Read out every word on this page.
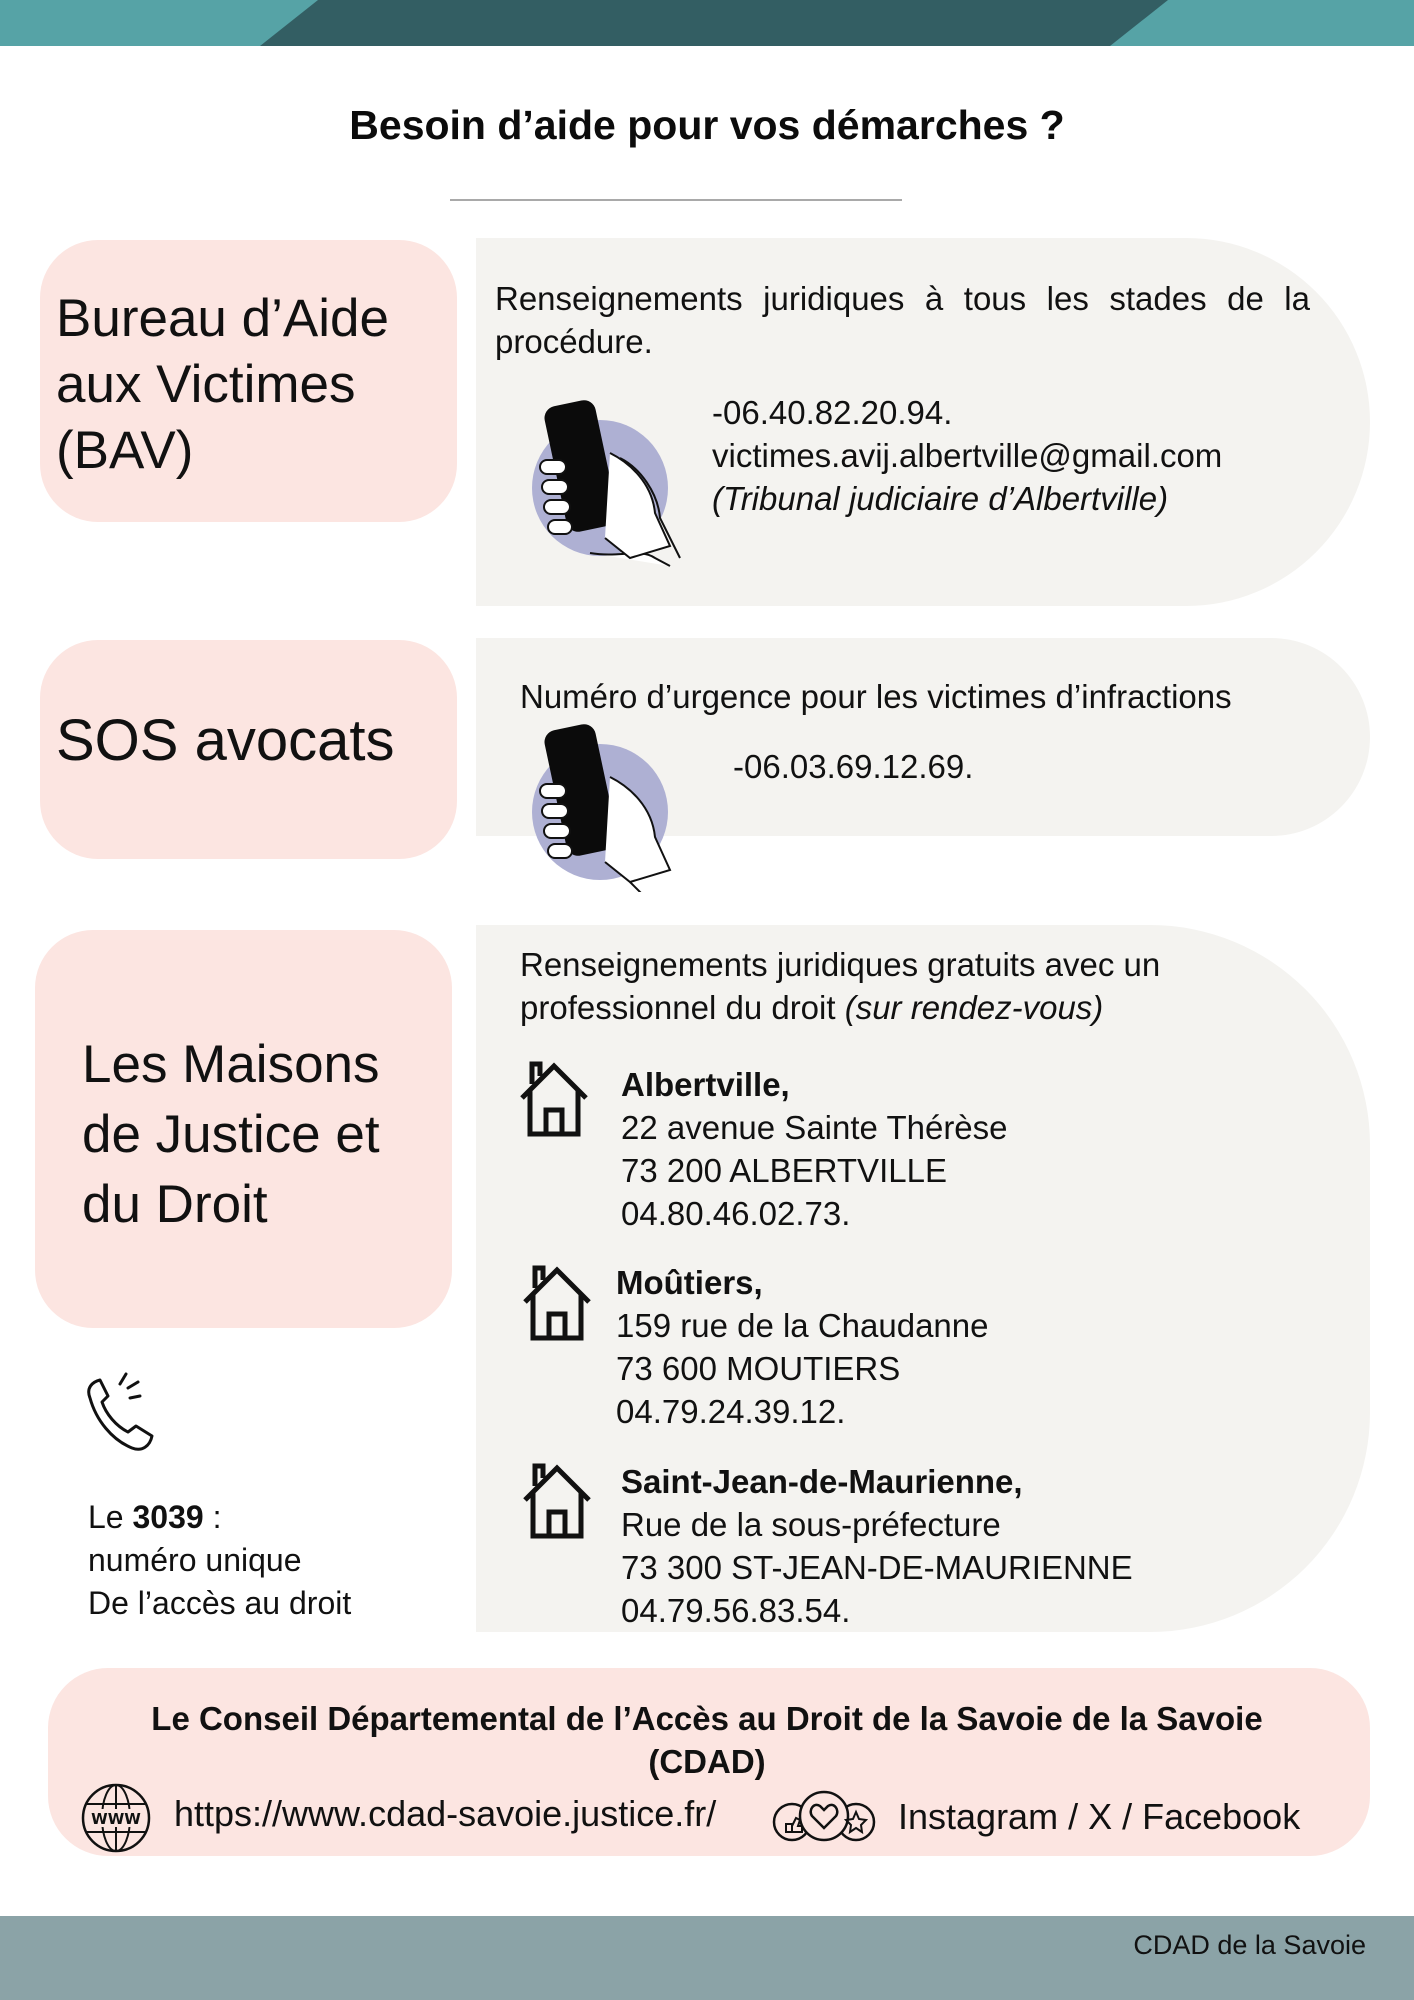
Besoin d’aide pour vos démarches ?
Bureau d’Aide
aux Victimes
(BAV)
Renseignements juridiques à tous les stades de la procédure.
-06.40.82.20.94.
victimes.avij.albertville@gmail.com
(Tribunal judiciaire d’Albertville)
SOS avocats
Numéro d’urgence pour les victimes d’infractions
-06.03.69.12.69.
Les Maisons
de Justice et
du Droit
Renseignements juridiques gratuits avec un
professionnel du droit (sur rendez-vous)
Albertville,
22 avenue Sainte Thérèse
73 200 ALBERTVILLE
04.80.46.02.73.
Moûtiers,
159 rue de la Chaudanne
73 600 MOUTIERS
04.79.24.39.12.
Saint-Jean-de-Maurienne,
Rue de la sous-préfecture
73 300 ST-JEAN-DE-MAURIENNE
04.79.56.83.54.
Le 3039 :
numéro unique
De l’accès au droit
Le Conseil Départemental de l’Accès au Droit de la Savoie de la Savoie (CDAD)
WWW https://www.cdad-savoie.justice.fr/	Instagram / X / Facebook
CDAD de la Savoie
